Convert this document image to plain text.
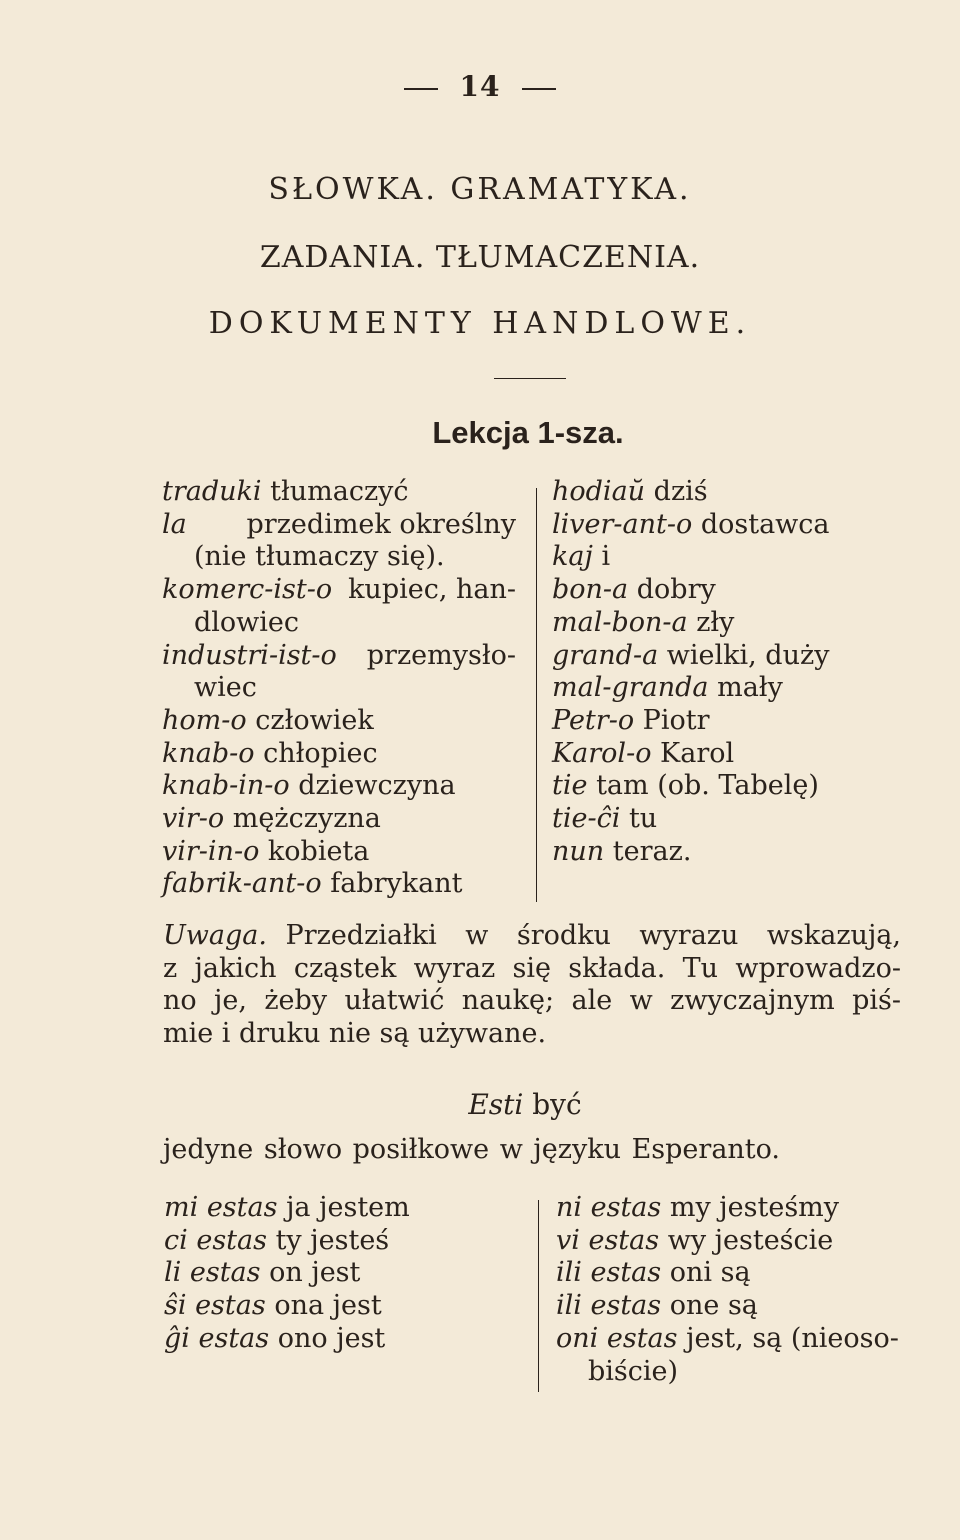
14
SŁOWKA. GRAMATYKA.
ZADANIA. TŁUMACZENIA.
DOKUMENTY HANDLOWE.
Lekcja 1-sza.
traduki tłumaczyć
la przedimek określny
(nie tłumaczy się).
komerc-ist-o kupiec, han-
dlowiec
industri-ist-o przemysło-
wiec
hom-o człowiek
knab-o chłopiec
knab-in-o dziewczyna
vir-o mężczyzna
vir-in-o kobieta
fabrik-ant-o fabrykant
hodiaŭ dziś
liver-ant-o dostawca
kaj i
bon-a dobry
mal-bon-a zły
grand-a wielki, duży
mal-granda mały
Petr-o Piotr
Karol-o Karol
tie tam (ob. Tabelę)
tie-ĉi tu
nun teraz.
Uwaga.
Przedziałki w środku wyrazu wskazują,
z jakich cząstek wyraz się składa. Tu wprowadzo-
no je, żeby ułatwić naukę; ale w zwyczajnym piś-
mie i druku nie są używane.
Esti być
jedyne słowo posiłkowe w języku Esperanto.
mi estas ja jestem
ci estas ty jesteś
li estas on jest
ŝi estas ona jest
ĝi estas ono jest
ni estas my jesteśmy
vi estas wy jesteście
ili estas oni są
ili estas one są
oni estas jest, są (nieoso-
biście)
